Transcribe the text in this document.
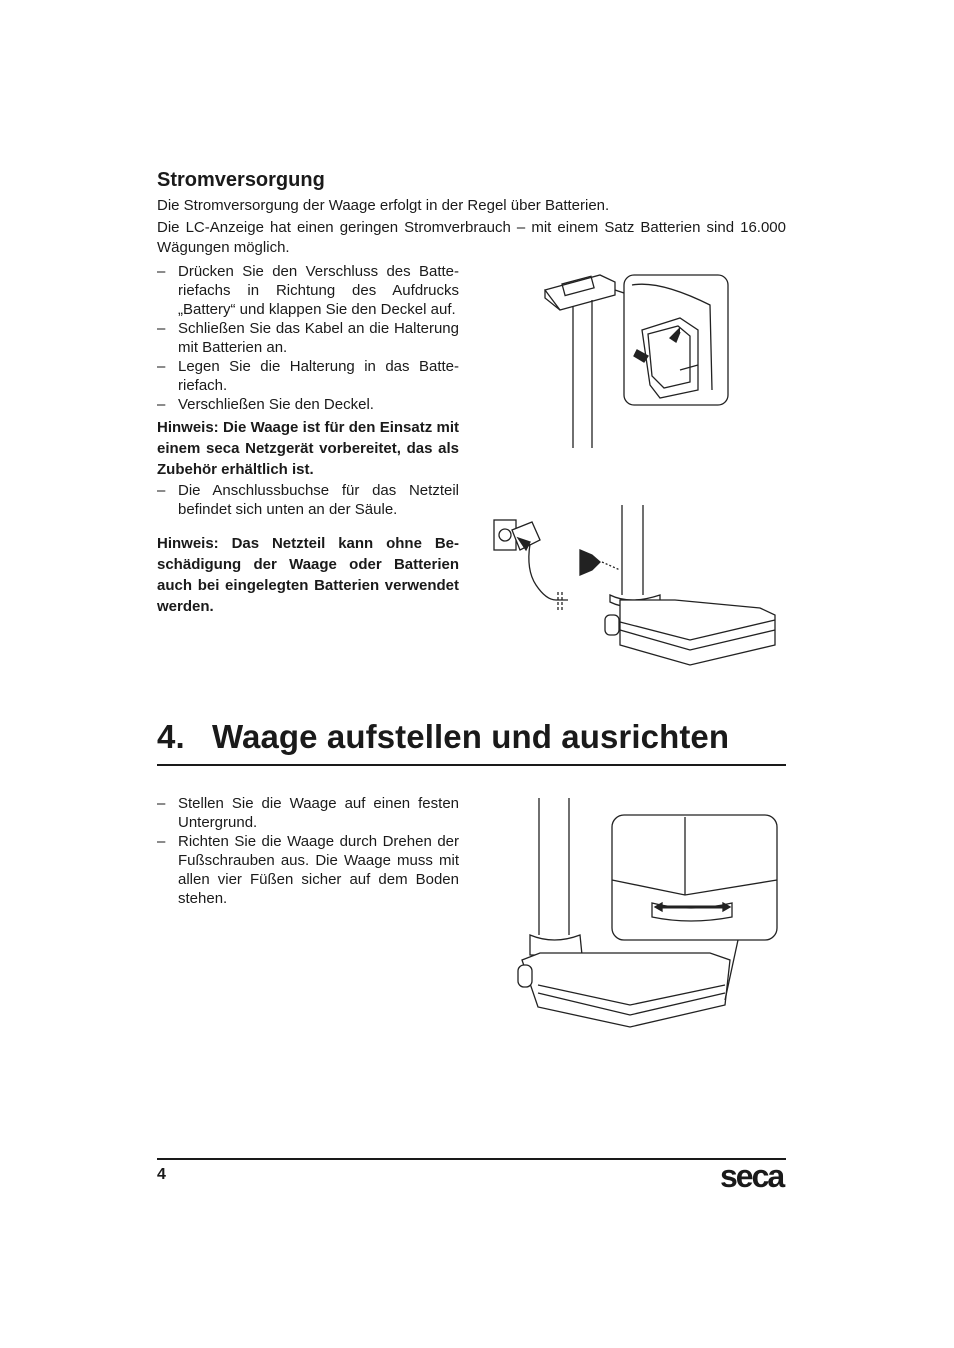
Stromversorgung

Die Stromversorgung der Waage erfolgt in der Regel über Batterien.

Die LC-Anzeige hat einen geringen Stromverbrauch – mit einem Satz Batterien sind 16.000 Wägungen möglich.

– Drücken Sie den Verschluss des Batteriefachs in Richtung des Aufdrucks „Battery“ und klappen Sie den Deckel auf.
– Schließen Sie das Kabel an die Halterung mit Batterien an.
– Legen Sie die Halterung in das Batteriefach.
– Verschließen Sie den Deckel.

Hinweis: Die Waage ist für den Einsatz mit einem seca Netzgerät vorbereitet, das als Zubehör erhältlich ist.

– Die Anschlussbuchse für das Netzteil befindet sich unten an der Säule.

Hinweis: Das Netzteil kann ohne Beschädigung der Waage oder Batterien auch bei eingelegten Batterien verwendet werden.

4. Waage aufstellen und ausrichten
– Stellen Sie die Waage auf einen festen Untergrund.
– Richten Sie die Waage durch Drehen der Fußschrauben aus. Die Waage muss mit allen vier Füßen sicher auf dem Boden stehen.
4	seca
